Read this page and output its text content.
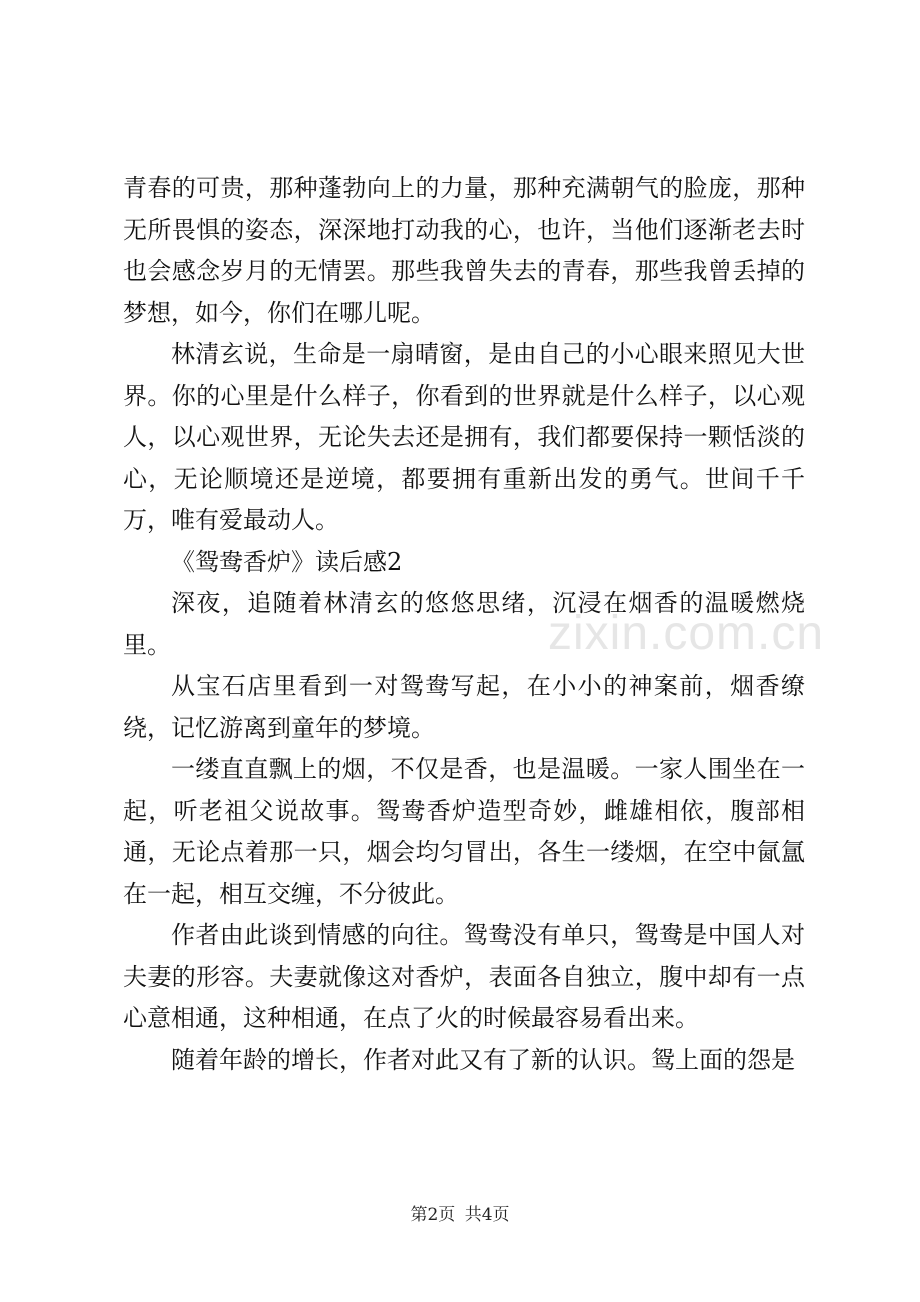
zixin.com.cn

青春的可贵，那种蓬勃向上的力量，那种充满朝气的脸庞，那种无所畏惧的姿态，深深地打动我的心，也许，当他们逐渐老去时也会感念岁月的无情罢。那些我曾失去的青春，那些我曾丢掉的梦想，如今，你们在哪儿呢。

林清玄说，生命是一扇晴窗，是由自己的小心眼来照见大世界。你的心里是什么样子，你看到的世界就是什么样子，以心观人，以心观世界，无论失去还是拥有，我们都要保持一颗恬淡的心，无论顺境还是逆境，都要拥有重新出发的勇气。世间千千万，唯有爱最动人。

《鸳鸯香炉》读后感2

深夜，追随着林清玄的悠悠思绪，沉浸在烟香的温暖燃烧里。

从宝石店里看到一对鸳鸯写起，在小小的神案前，烟香缭绕，记忆游离到童年的梦境。

一缕直直飘上的烟，不仅是香，也是温暖。一家人围坐在一起，听老祖父说故事。鸳鸯香炉造型奇妙，雌雄相依，腹部相通，无论点着那一只，烟会均匀冒出，各生一缕烟，在空中氤氲在一起，相互交缠，不分彼此。

作者由此谈到情感的向往。鸳鸯没有单只，鸳鸯是中国人对夫妻的形容。夫妻就像这对香炉，表面各自独立，腹中却有一点心意相通，这种相通，在点了火的时候最容易看出来。

随着年龄的增长，作者对此又有了新的认识。鸳上面的怨是

第2页 共4页
